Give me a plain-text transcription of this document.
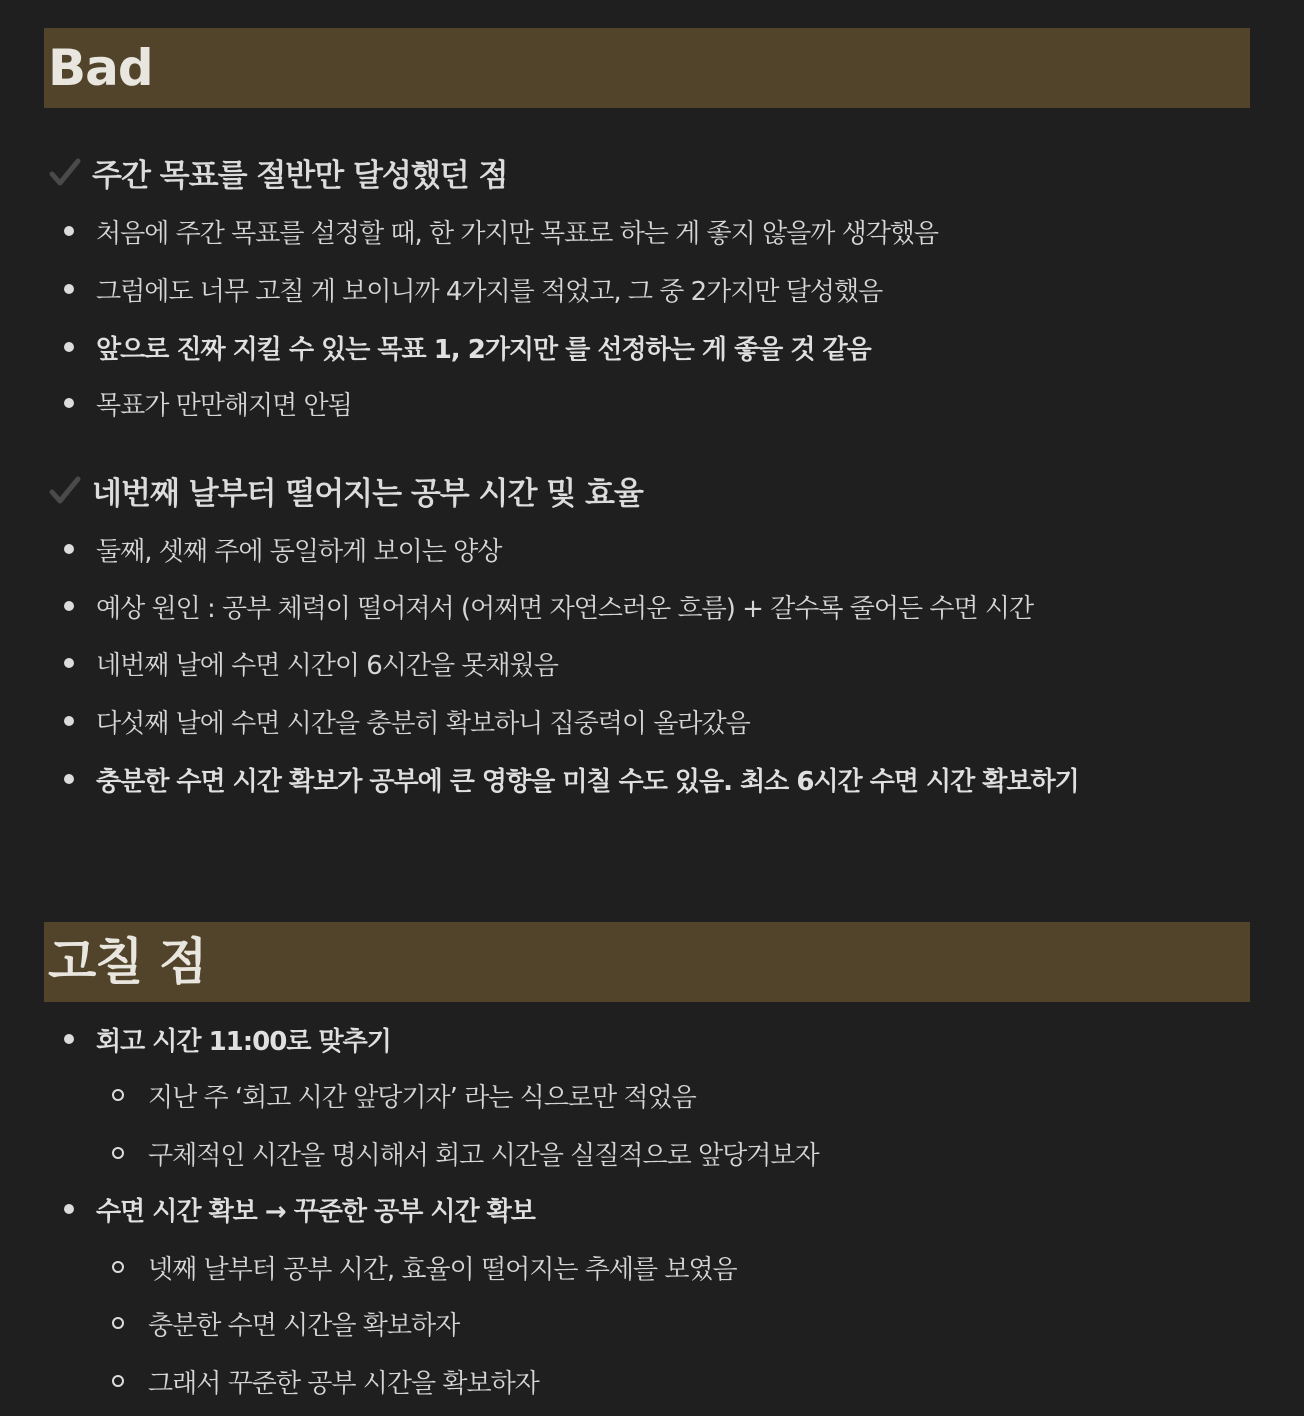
Bad
주간 목표를 절반만 달성했던 점
처음에 주간 목표를 설정할 때, 한 가지만 목표로 하는 게 좋지 않을까 생각했음
그럼에도 너무 고칠 게 보이니까 4가지를 적었고, 그 중 2가지만 달성했음
앞으로 진짜 지킬 수 있는 목표 1, 2가지만 를 선정하는 게 좋을 것 같음
목표가 만만해지면 안됨
네번째 날부터 떨어지는 공부 시간 및 효율
둘째, 셋째 주에 동일하게 보이는 양상
예상 원인 : 공부 체력이 떨어져서 (어쩌면 자연스러운 흐름) + 갈수록 줄어든 수면 시간
네번째 날에 수면 시간이 6시간을 못채웠음
다섯째 날에 수면 시간을 충분히 확보하니 집중력이 올라갔음
충분한 수면 시간 확보가 공부에 큰 영향을 미칠 수도 있음. 최소 6시간 수면 시간 확보하기
고칠 점
회고 시간 11:00로 맞추기
지난 주 ‘회고 시간 앞당기자’ 라는 식으로만 적었음
구체적인 시간을 명시해서 회고 시간을 실질적으로 앞당겨보자
수면 시간 확보 → 꾸준한 공부 시간 확보
넷째 날부터 공부 시간, 효율이 떨어지는 추세를 보였음
충분한 수면 시간을 확보하자
그래서 꾸준한 공부 시간을 확보하자
